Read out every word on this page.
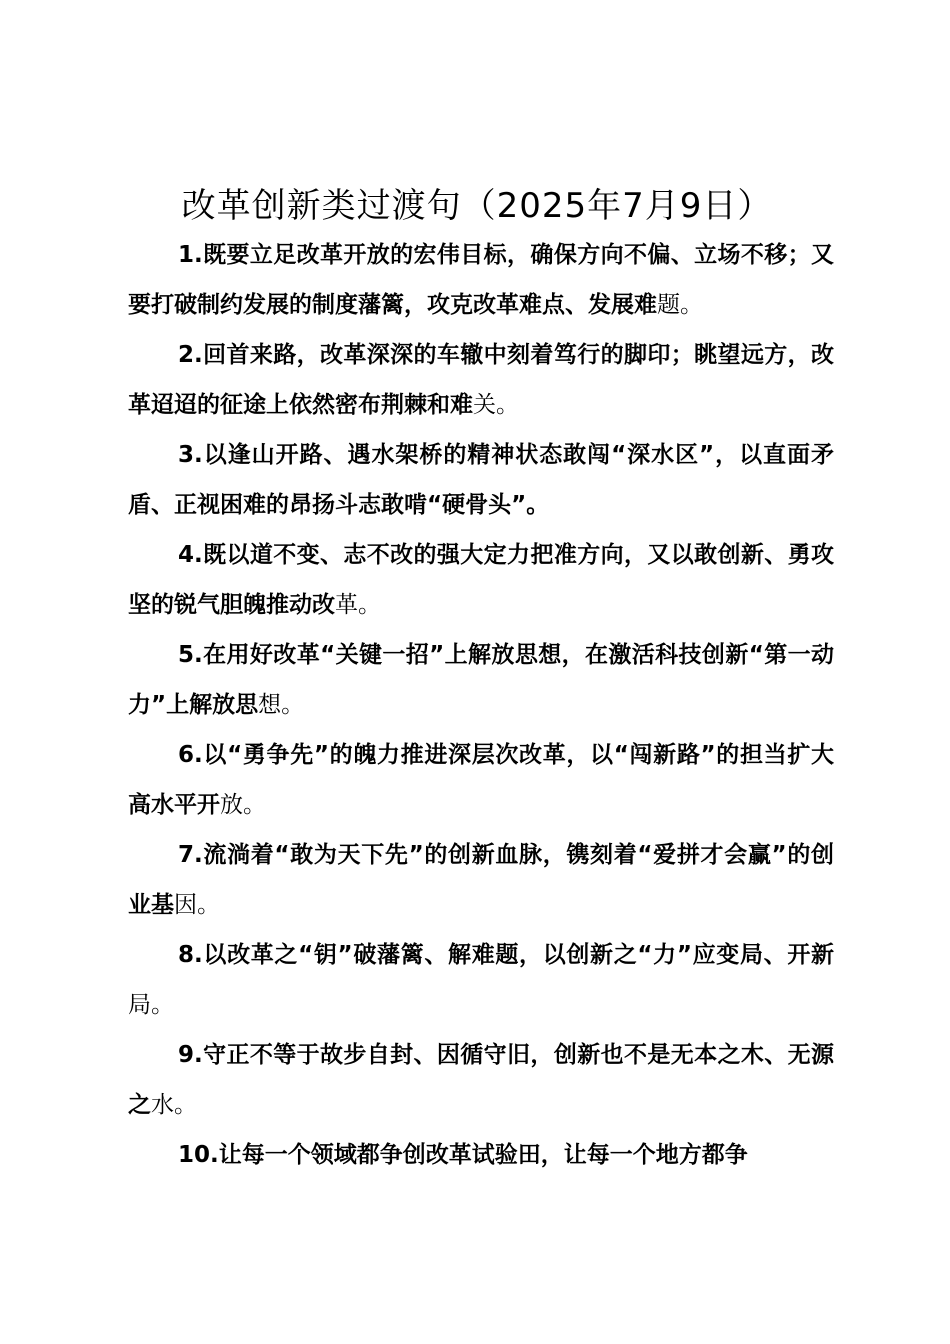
改革创新类过渡句（2025年7月9日）

1.既要立足改革开放的宏伟目标，确保方向不偏、立场不移；又要打破制约发展的制度藩篱，攻克改革难点、发展难题。

2.回首来路，改革深深的车辙中刻着笃行的脚印；眺望远方，改革迢迢的征途上依然密布荆棘和难关。

3.以逢山开路、遇水架桥的精神状态敢闯“深水区”，以直面矛盾、正视困难的昂扬斗志敢啃“硬骨头”。

4.既以道不变、志不改的强大定力把准方向，又以敢创新、勇攻坚的锐气胆魄推动改革。

5.在用好改革“关键一招”上解放思想，在激活科技创新“第一动力”上解放思想。

6.以“勇争先”的魄力推进深层次改革，以“闯新路”的担当扩大高水平开放。

7.流淌着“敢为天下先”的创新血脉，镌刻着“爱拼才会赢”的创业基因。

8.以改革之“钥”破藩篱、解难题，以创新之“力”应变局、开新局。

9.守正不等于故步自封、因循守旧，创新也不是无本之木、无源之水。

10.让每一个领域都争创改革试验田，让每一个地方都争
